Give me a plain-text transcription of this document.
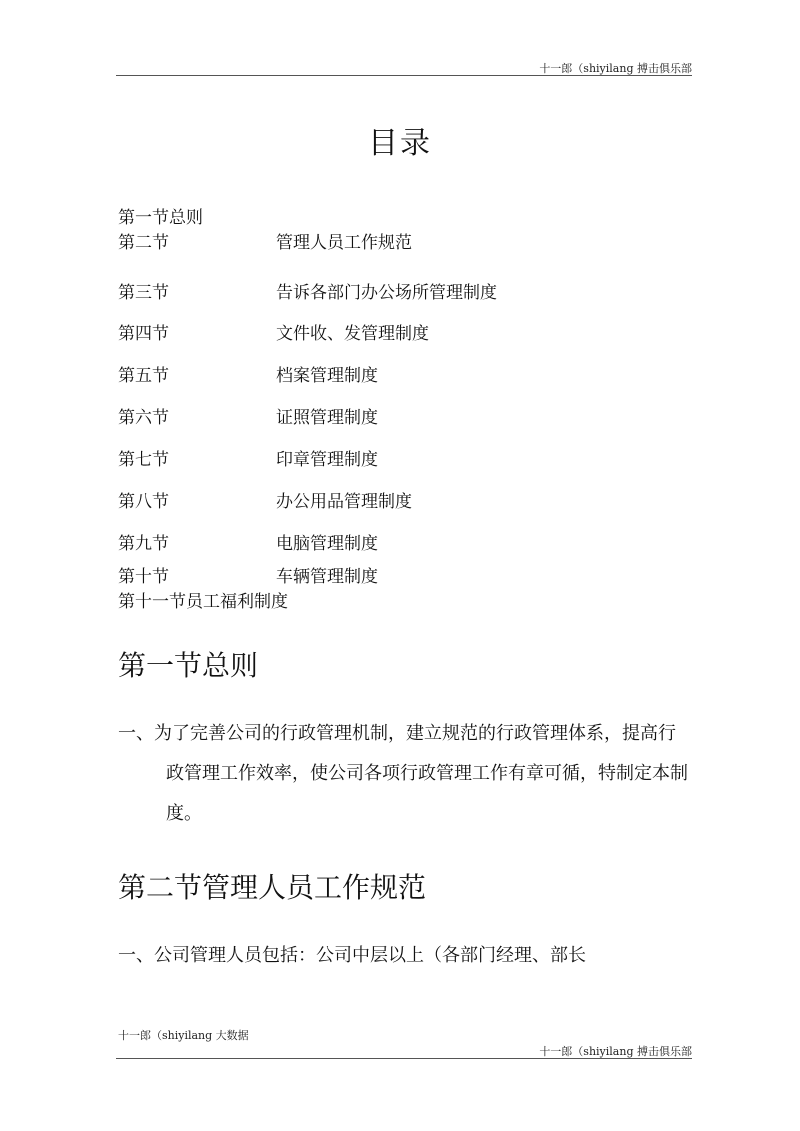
十一郎（shiyilang 搏击俱乐部
目录
第一节总则
第二节	管理人员工作规范
第三节	告诉各部门办公场所管理制度
第四节	文件收、发管理制度
第五节	档案管理制度
第六节	证照管理制度
第七节	印章管理制度
第八节	办公用品管理制度
第九节	电脑管理制度
第十节	车辆管理制度
第十一节员工福利制度
第一节总则
一、为了完善公司的行政管理机制，建立规范的行政管理体系，提高行
政管理工作效率，使公司各项行政管理工作有章可循，特制定本制度。
第二节管理人员工作规范
一、公司管理人员包括：公司中层以上（各部门经理、部长
十一郎（shiyilang 大数据
十一郎（shiyilang 搏击俱乐部
